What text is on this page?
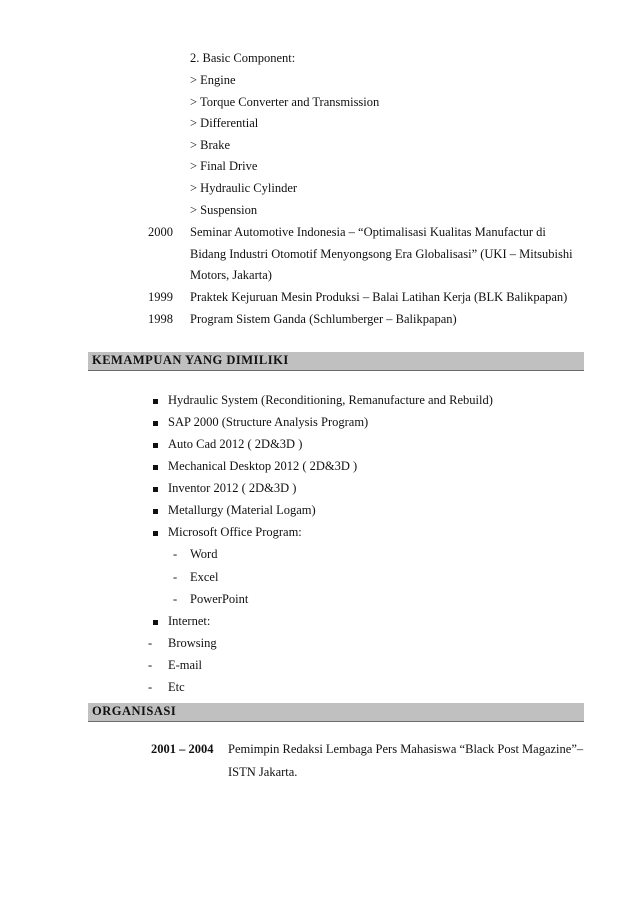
2. Basic Component:
> Engine
> Torque Converter and Transmission
> Differential
> Brake
> Final Drive
> Hydraulic Cylinder
> Suspension
2000 Seminar Automotive Indonesia – “Optimalisasi Kualitas Manufactur di
Bidang Industri Otomotif Menyongsong Era Globalisasi” (UKI – Mitsubishi
Motors, Jakarta)
1999 Praktek Kejuruan Mesin Produksi – Balai Latihan Kerja (BLK Balikpapan)
1998 Program Sistem Ganda (Schlumberger – Balikpapan)
KEMAMPUAN YANG DIMILIKI
Hydraulic System (Reconditioning, Remanufacture and Rebuild)
SAP 2000 (Structure Analysis Program)
Auto Cad 2012 ( 2D&3D )
Mechanical Desktop 2012 ( 2D&3D )
Inventor 2012 ( 2D&3D )
Metallurgy (Material Logam)
Microsoft Office Program:
- Word
- Excel
- PowerPoint
Internet:
- Browsing
- E-mail
- Etc
ORGANISASI
2001 – 2004 Pemimpin Redaksi Lembaga Pers Mahasiswa “Black Post Magazine”–
ISTN Jakarta.
